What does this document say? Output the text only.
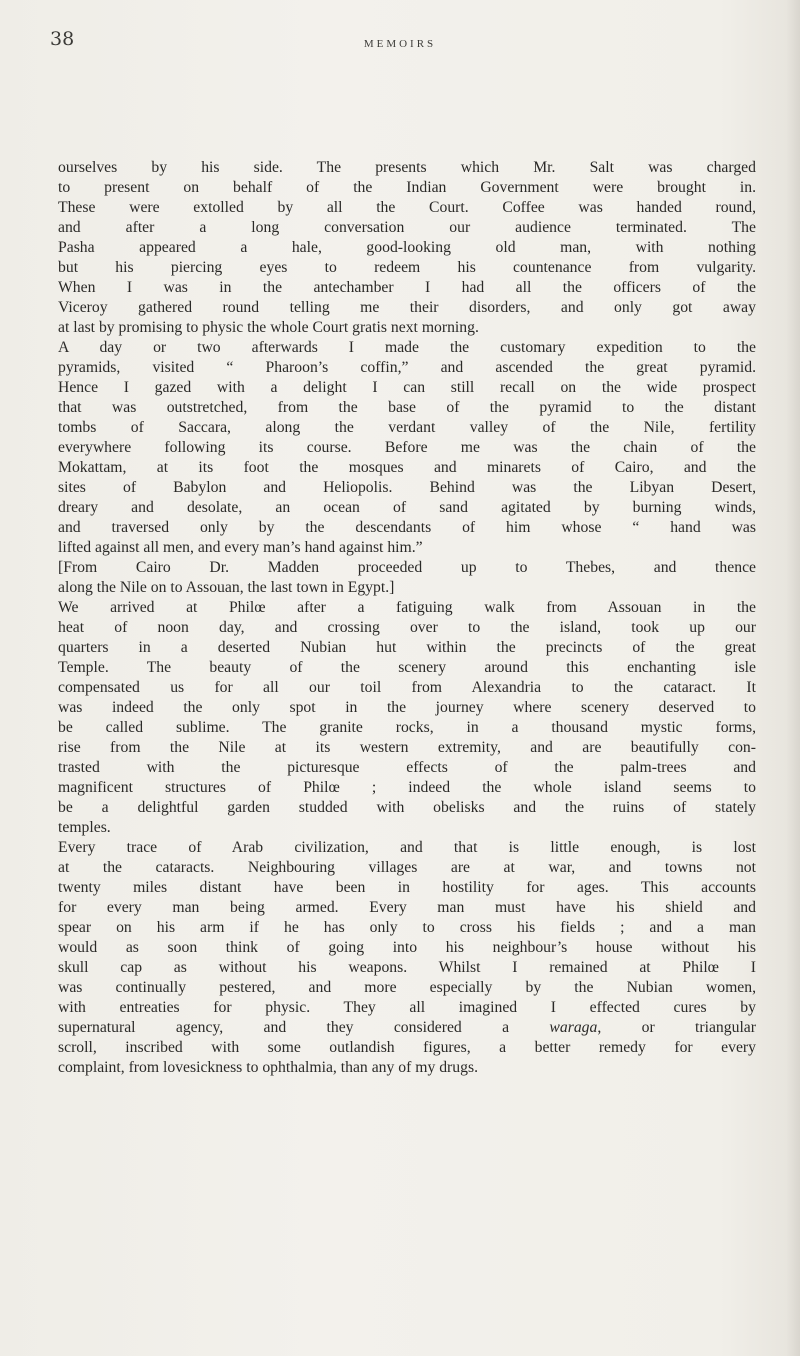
38	MEMOIRS
ourselves by his side. The presents which Mr. Salt was charged
to present on behalf of the Indian Government were brought in.
These were extolled by all the Court. Coffee was handed round,
and after a long conversation our audience terminated. The
Pasha appeared a hale, good-looking old man, with nothing
but his piercing eyes to redeem his countenance from vulgarity.
When I was in the antechamber I had all the officers of the
Viceroy gathered round telling me their disorders, and only got away
at last by promising to physic the whole Court gratis next morning.
A day or two afterwards I made the customary expedition to the
pyramids, visited “ Pharoon’s coffin,” and ascended the great pyramid.
Hence I gazed with a delight I can still recall on the wide prospect
that was outstretched, from the base of the pyramid to the distant
tombs of Saccara, along the verdant valley of the Nile, fertility
everywhere following its course. Before me was the chain of the
Mokattam, at its foot the mosques and minarets of Cairo, and the
sites of Babylon and Heliopolis. Behind was the Libyan Desert,
dreary and desolate, an ocean of sand agitated by burning winds,
and traversed only by the descendants of him whose “ hand was
lifted against all men, and every man’s hand against him.”
[From Cairo Dr. Madden proceeded up to Thebes, and thence
along the Nile on to Assouan, the last town in Egypt.]
We arrived at Philœ after a fatiguing walk from Assouan in the
heat of noon day, and crossing over to the island, took up our
quarters in a deserted Nubian hut within the precincts of the great
Temple. The beauty of the scenery around this enchanting isle
compensated us for all our toil from Alexandria to the cataract. It
was indeed the only spot in the journey where scenery deserved to
be called sublime. The granite rocks, in a thousand mystic forms,
rise from the Nile at its western extremity, and are beautifully con-
trasted with the picturesque effects of the palm-trees and
magnificent structures of Philœ ; indeed the whole island seems to
be a delightful garden studded with obelisks and the ruins of stately
temples.
Every trace of Arab civilization, and that is little enough, is lost
at the cataracts. Neighbouring villages are at war, and towns not
twenty miles distant have been in hostility for ages. This accounts
for every man being armed. Every man must have his shield and
spear on his arm if he has only to cross his fields ; and a man
would as soon think of going into his neighbour’s house without his
skull cap as without his weapons. Whilst I remained at Philœ I
was continually pestered, and more especially by the Nubian women,
with entreaties for physic. They all imagined I effected cures by
supernatural agency, and they considered a waraga, or triangular
scroll, inscribed with some outlandish figures, a better remedy for every
complaint, from lovesickness to ophthalmia, than any of my drugs.
